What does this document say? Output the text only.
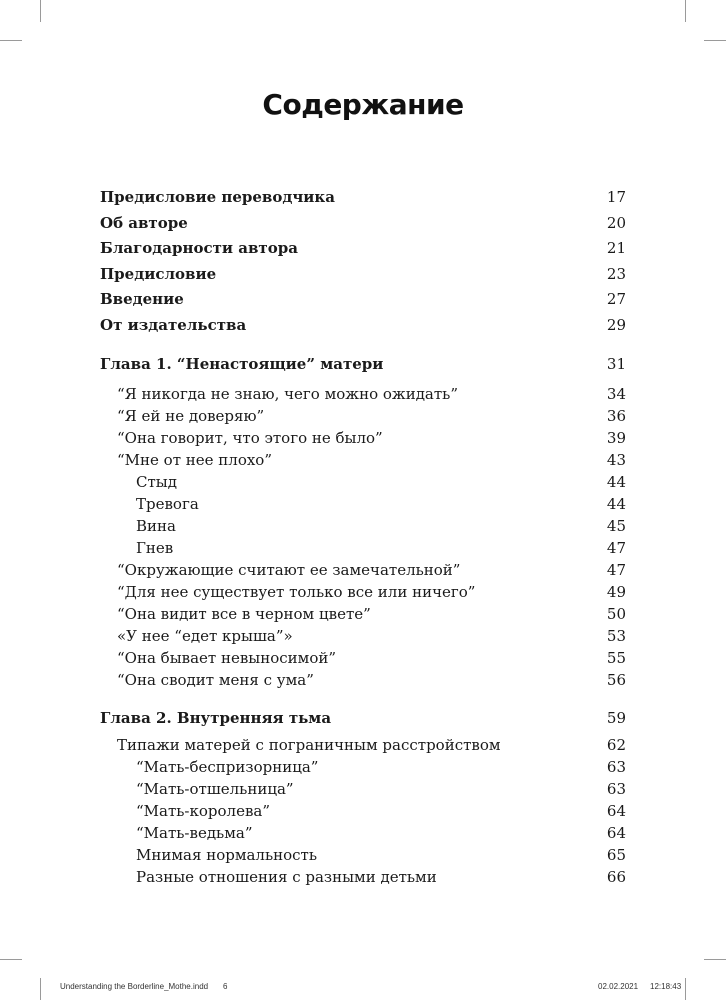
Содержание
Предисловие переводчика	17
Об авторе	20
Благодарности автора	21
Предисловие	23
Введение	27
От издательства	29
Глава 1. “Ненастоящие” матери	31
“Я никогда не знаю, чего можно ожидать”	34
“Я ей не доверяю”	36
“Она говорит, что этого не было”	39
“Мне от нее плохо”	43
Стыд	44
Тревога	44
Вина	45
Гнев	47
“Окружающие считают ее замечательной”	47
“Для нее существует только все или ничего”	49
“Она видит все в черном цвете”	50
«У нее “едет крыша”»	53
“Она бывает невыносимой”	55
“Она сводит меня с ума”	56
Глава 2. Внутренняя тьма	59
Типажи матерей с пограничным расстройством	62
“Мать-беспризорница”	63
“Мать-отшельница”	63
“Мать-королева”	64
“Мать-ведьма”	64
Мнимая нормальность	65
Разные отношения с разными детьми	66
Understanding the Borderline_Mothe.indd 6	02.02.2021 12:18:43
